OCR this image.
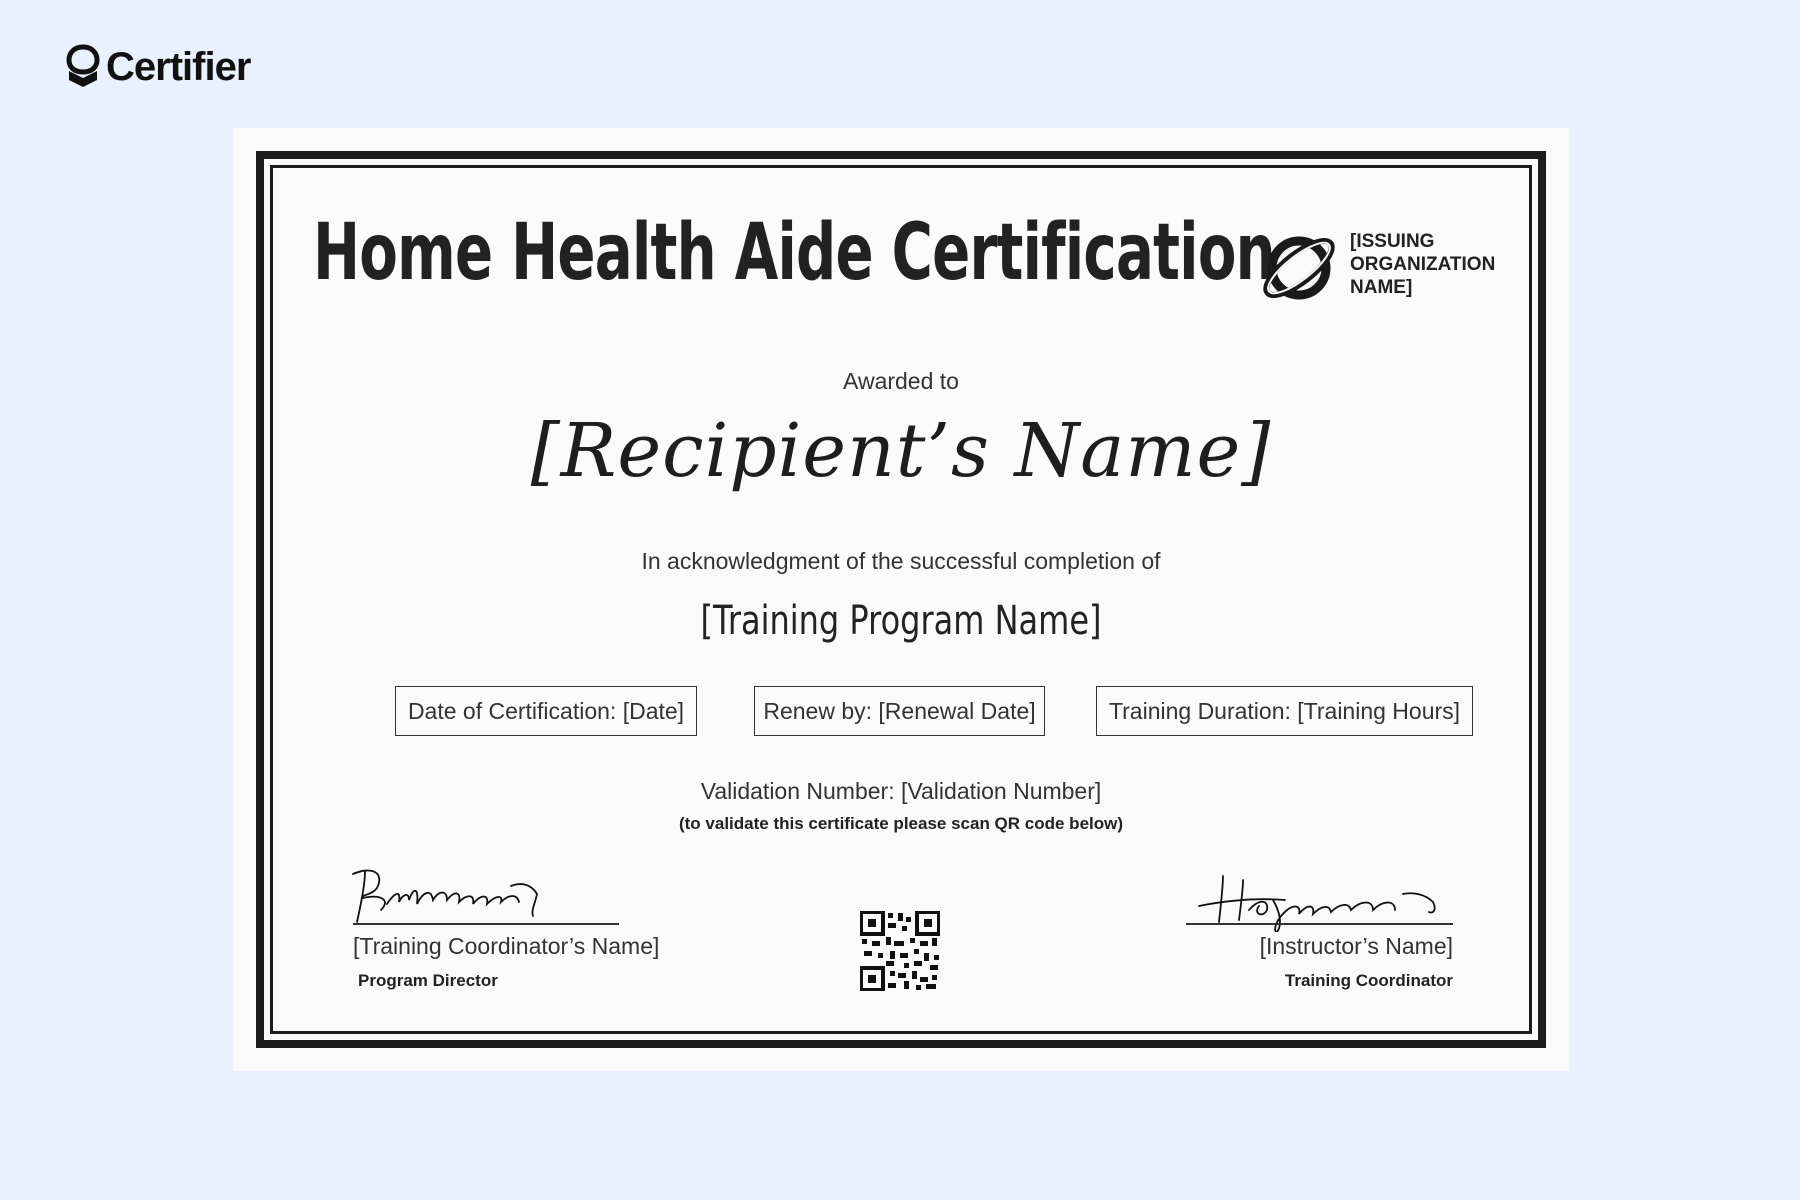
Certifier
Home Health Aide Certification	[ISSUING
ORGANIZATION
NAME]
Awarded to
[Recipient’s Name]
In acknowledgment of the successful completion of
[Training Program Name]
Date of Certification: [Date]	Renew by: [Renewal Date]	Training Duration: [Training Hours]
Validation Number: [Validation Number]
(to validate this certificate please scan QR code below)
[Training Coordinator’s Name]
Program Director
[Instructor’s Name]
Training Coordinator
